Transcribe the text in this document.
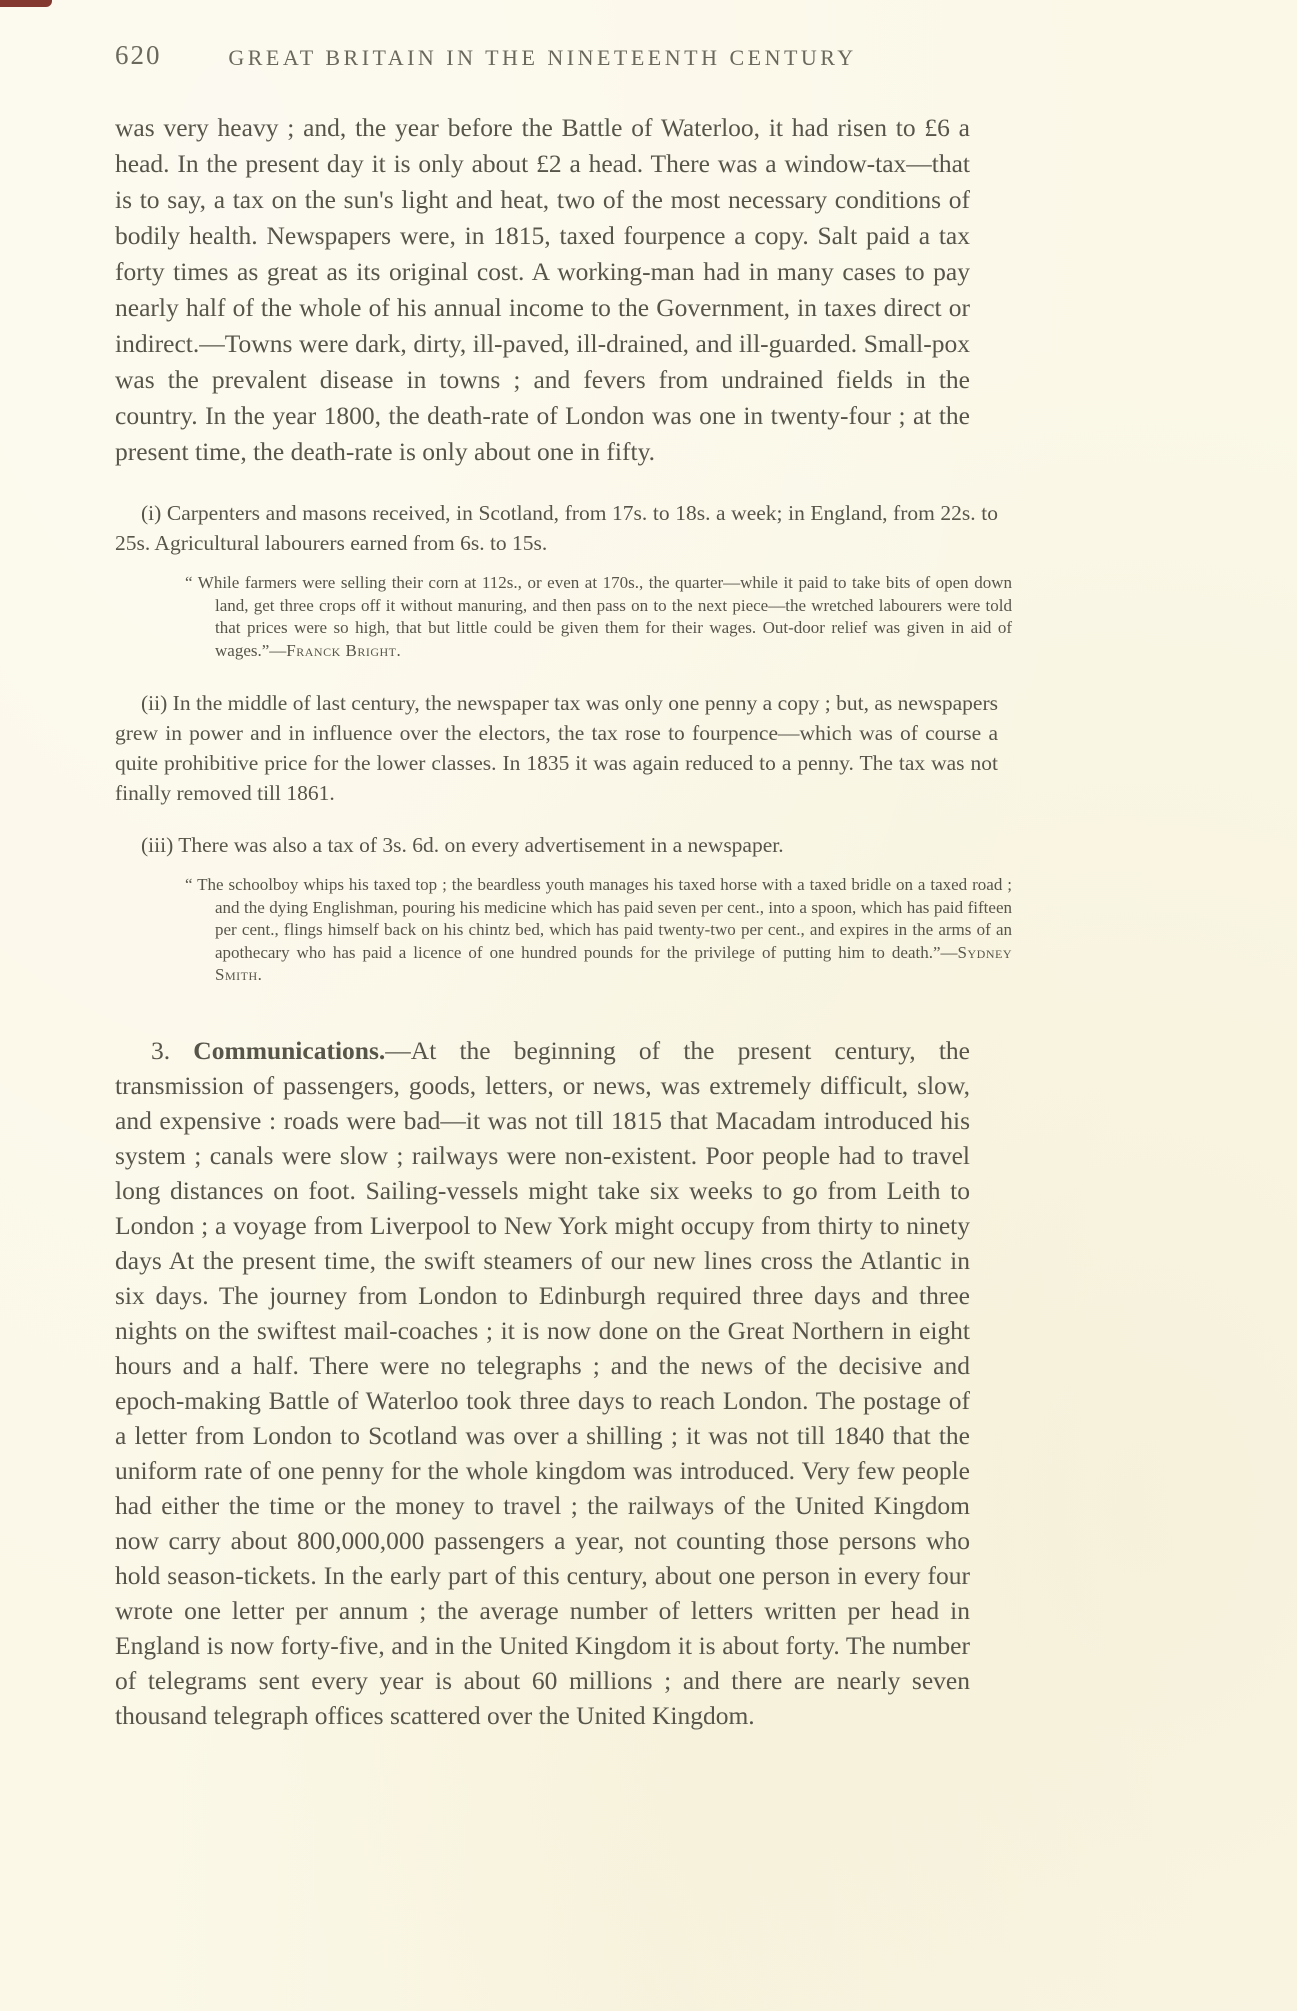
620	GREAT BRITAIN IN THE NINETEENTH CENTURY

was very heavy ; and, the year before the Battle of Waterloo, it had risen to £6 a head. In the present day it is only about £2 a head. There was a window-tax—that is to say, a tax on the sun's light and heat, two of the most necessary conditions of bodily health. Newspapers were, in 1815, taxed fourpence a copy. Salt paid a tax forty times as great as its original cost. A working-man had in many cases to pay nearly half of the whole of his annual income to the Government, in taxes direct or indirect.—Towns were dark, dirty, ill-paved, ill-drained, and ill-guarded. Small-pox was the prevalent disease in towns ; and fevers from undrained fields in the country. In the year 1800, the death-rate of London was one in twenty-four ; at the present time, the death-rate is only about one in fifty.

(i) Carpenters and masons received, in Scotland, from 17s. to 18s. a week; in England, from 22s. to 25s. Agricultural labourers earned from 6s. to 15s.

“ While farmers were selling their corn at 112s., or even at 170s., the quarter—while it paid to take bits of open down land, get three crops off it without manuring, and then pass on to the next piece—the wretched labourers were told that prices were so high, that but little could be given them for their wages. Out-door relief was given in aid of wages.”—Franck Bright.

(ii) In the middle of last century, the newspaper tax was only one penny a copy ; but, as newspapers grew in power and in influence over the electors, the tax rose to fourpence—which was of course a quite prohibitive price for the lower classes. In 1835 it was again reduced to a penny. The tax was not finally removed till 1861.

(iii) There was also a tax of 3s. 6d. on every advertisement in a newspaper.

“ The schoolboy whips his taxed top ; the beardless youth manages his taxed horse with a taxed bridle on a taxed road ; and the dying Englishman, pouring his medicine which has paid seven per cent., into a spoon, which has paid fifteen per cent., flings himself back on his chintz bed, which has paid twenty-two per cent., and expires in the arms of an apothecary who has paid a licence of one hundred pounds for the privilege of putting him to death.”—Sydney Smith.

3. Communications.—At the beginning of the present century, the transmission of passengers, goods, letters, or news, was extremely difficult, slow, and expensive : roads were bad—it was not till 1815 that Macadam introduced his system ; canals were slow ; railways were non-existent. Poor people had to travel long distances on foot. Sailing-vessels might take six weeks to go from Leith to London ; a voyage from Liverpool to New York might occupy from thirty to ninety days At the present time, the swift steamers of our new lines cross the Atlantic in six days. The journey from London to Edinburgh required three days and three nights on the swiftest mail-coaches ; it is now done on the Great Northern in eight hours and a half. There were no telegraphs ; and the news of the decisive and epoch-making Battle of Waterloo took three days to reach London. The postage of a letter from London to Scotland was over a shilling ; it was not till 1840 that the uniform rate of one penny for the whole kingdom was introduced. Very few people had either the time or the money to travel ; the railways of the United Kingdom now carry about 800,000,000 passengers a year, not counting those persons who hold season-tickets. In the early part of this century, about one person in every four wrote one letter per annum ; the average number of letters written per head in England is now forty-five, and in the United Kingdom it is about forty. The number of telegrams sent every year is about 60 millions ; and there are nearly seven thousand telegraph offices scattered over the United Kingdom.
